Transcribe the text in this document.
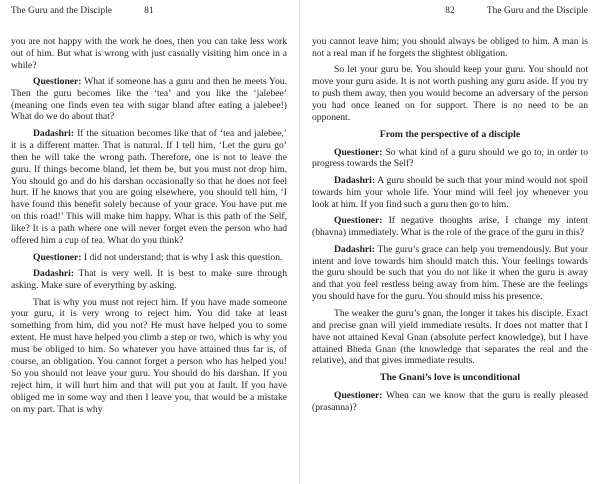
The Guru and the Disciple	81

you are not happy with the work he does, then you can take less work out of him. But what is wrong with just casually visiting him once in a while?

Questioner: What if someone has a guru and then he meets You. Then the guru becomes like the ‘tea’ and you like the ‘jalebee’ (meaning one finds even tea with sugar bland after eating a jalebee!) What do we do about that?

Dadashri: If the situation becomes like that of ‘tea and jalebee,’ it is a different matter. That is natural. If I tell him, ‘Let the guru go’ then he will take the wrong path. Therefore, one is not to leave the guru. If things become bland, let them be, but you must not drop him. You should go and do his darshan occasionally so that he does not feel hurt. If he knows that you are going elsewhere, you should tell him, ‘I have found this benefit solely because of your grace. You have put me on this road!’ This will make him happy. What is this path of the Self, like? It is a path where one will never forget even the person who had offered him a cup of tea. What do you think?

Questioner: I did not understand; that is why I ask this question.

Dadashri: That is very well. It is best to make sure through asking. Make sure of everything by asking.

That is why you must not reject him. If you have made someone your guru, it is very wrong to reject him. You did take at least something from him, did you not? He must have helped you to some extent. He must have helped you climb a step or two, which is why you must be obliged to him. So whatever you have attained thus far is, of course, an obligation. You cannot forget a person who has helped you! So you should not leave your guru. You should do his darshan. If you reject him, it will hurt him and that will put you at fault. If you have obliged me in some way and then I leave you, that would be a mistake on my part. That is why

82	The Guru and the Disciple

you cannot leave him; you should always be obliged to him. A man is not a real man if he forgets the slightest obligation.

So let your guru be. You should keep your guru. You should not move your guru aside. It is not worth pushing any guru aside. If you try to push them away, then you would become an adversary of the person you had once leaned on for support. There is no need to be an opponent.

From the perspective of a disciple

Questioner: So what kind of a guru should we go to, in order to progress towards the Self?

Dadashri: A guru should be such that your mind would not spoil towards him your whole life. Your mind will feel joy whenever you look at him. If you find such a guru then go to him.

Questioner: If negative thoughts arise, I change my intent (bhavna) immediately. What is the role of the grace of the guru in this?

Dadashri: The guru’s grace can help you tremendously. But your intent and love towards him should match this. Your feelings towards the guru should be such that you do not like it when the guru is away and that you feel restless being away from him. These are the feelings you should have for the guru. You should miss his presence.

The weaker the guru’s gnan, the longer it takes his disciple. Exact and precise gnan will yield immediate results. It does not matter that I have not attained Keval Gnan (absolute perfect knowledge), but I have attained Bheda Gnan (the knowledge that separates the real and the relative), and that gives immediate results.

The Gnani’s love is unconditional

Questioner: When can we know that the guru is really pleased (prasanna)?
